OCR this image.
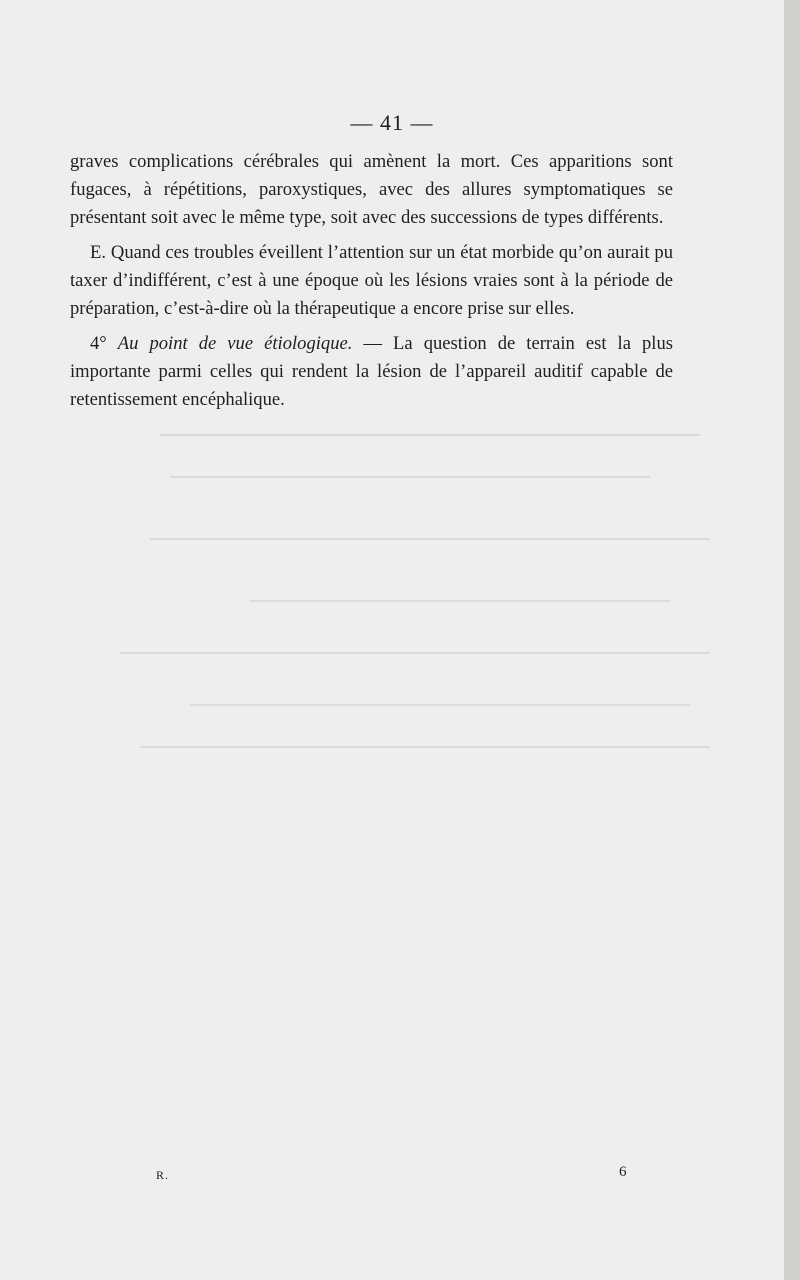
— 41 —

graves complications cérébrales qui amènent la mort. Ces apparitions sont fugaces, à répétitions, paroxystiques, avec des allures symptomatiques se présentant soit avec le même type, soit avec des successions de types différents.

E. Quand ces troubles éveillent l’attention sur un état morbide qu’on aurait pu taxer d’indifférent, c’est à une époque où les lésions vraies sont à la période de préparation, c’est-à-dire où la thérapeutique a encore prise sur elles.

4° Au point de vue étiologique. — La question de terrain est la plus importante parmi celles qui rendent la lésion de l’appareil auditif capable de retentissement encéphalique.

R.	6
